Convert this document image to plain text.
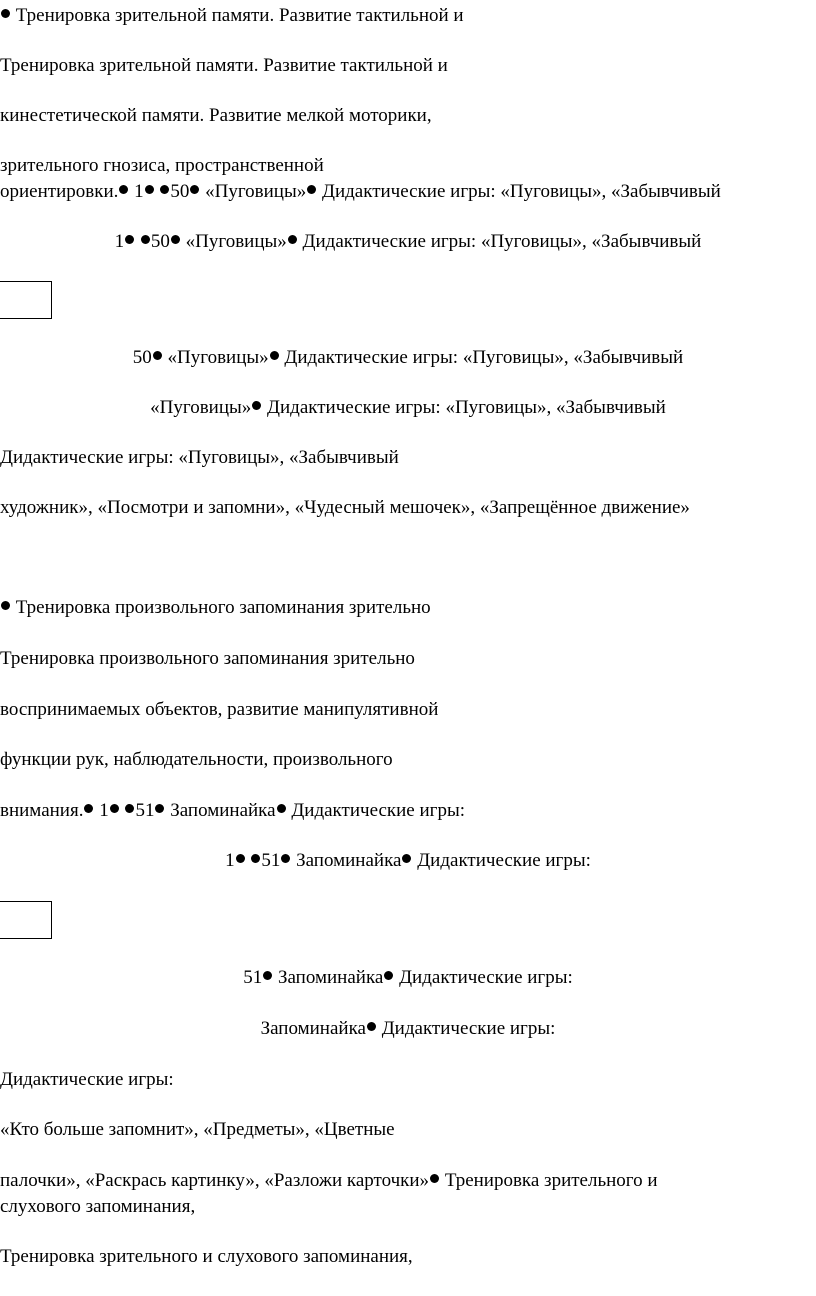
Тренировка зрительной памяти. Развитие тактильной и
Тренировка зрительной памяти. Развитие тактильной и
кинестетической памяти. Развитие мелкой моторики,
зрительного гнозиса, пространственной
ориентировки. 1 50 «Пуговицы» Дидактические игры: «Пуговицы», «Забывчивый
1 50 «Пуговицы» Дидактические игры: «Пуговицы», «Забывчивый
50 «Пуговицы» Дидактические игры: «Пуговицы», «Забывчивый
«Пуговицы» Дидактические игры: «Пуговицы», «Забывчивый
Дидактические игры: «Пуговицы», «Забывчивый
художник», «Посмотри и запомни», «Чудесный мешочек», «Запрещённое движение»
Тренировка произвольного запоминания зрительно
Тренировка произвольного запоминания зрительно
воспринимаемых объектов, развитие манипулятивной
функции рук, наблюдательности, произвольного
внимания. 1 51 Запоминайка Дидактические игры:
1 51 Запоминайка Дидактические игры:
51 Запоминайка Дидактические игры:
Запоминайка Дидактические игры:
Дидактические игры:
«Кто больше запомнит», «Предметы», «Цветные
палочки», «Раскрась картинку», «Разложи карточки» Тренировка зрительного и
слухового запоминания,
Тренировка зрительного и слухового запоминания,
